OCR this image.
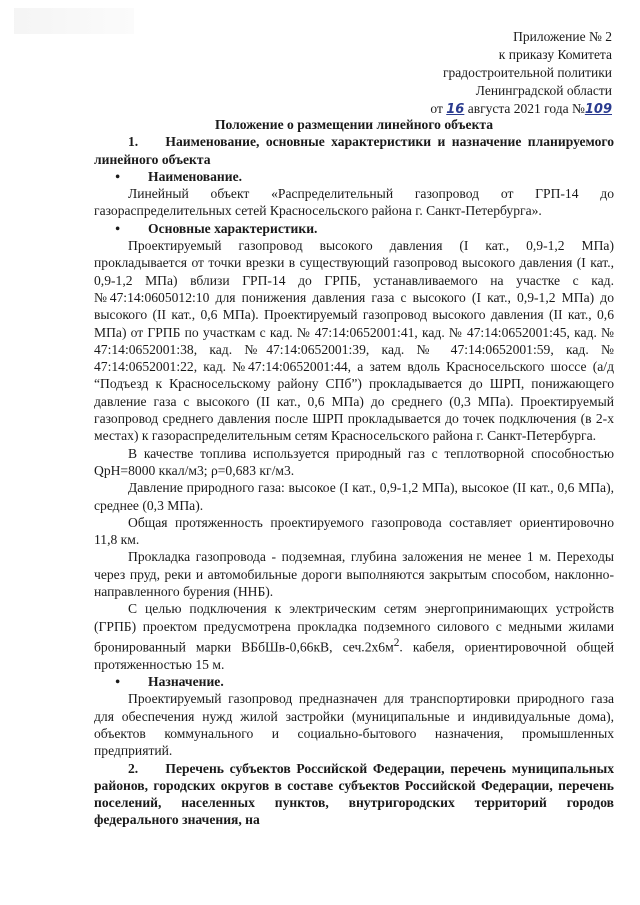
Приложение № 2
к приказу Комитета
градостроительной политики
Ленинградской области
от 16 августа 2021 года №109

Положение о размещении линейного объекта

1.  Наименование, основные характеристики и назначение планируемого линейного объекта

•	Наименование.

Линейный объект «Распределительный газопровод от ГРП-14 до газораспределительных сетей Красносельского района г. Санкт-Петербурга».

•	Основные характеристики.

Проектируемый газопровод высокого давления (I кат., 0,9-1,2 МПа) прокладывается от точки врезки в существующий газопровод высокого давления (I кат., 0,9-1,2 МПа) вблизи ГРП-14 до ГРПБ, устанавливаемого на участке с кад. №47:14:0605012:10 для понижения давления газа с высокого (I кат., 0,9-1,2 МПа) до высокого (II кат., 0,6 МПа). Проектируемый газопровод высокого давления (II кат., 0,6 МПа) от ГРПБ по участкам с кад. № 47:14:0652001:41, кад. № 47:14:0652001:45, кад. № 47:14:0652001:38, кад. №47:14:0652001:39, кад. № 47:14:0652001:59, кад. № 47:14:0652001:22, кад. №47:14:0652001:44, а затем вдоль Красносельского шоссе (а/д “Подъезд к Красносельскому району СПб”) прокладывается до ШРП, понижающего давление газа с высокого (II кат., 0,6 МПа) до среднего (0,3 МПа). Проектируемый газопровод среднего давления после ШРП прокладывается до точек подключения (в 2-х местах) к газораспределительным сетям Красносельского района г. Санкт-Петербурга.

В качестве топлива используется природный газ с теплотворной способностью QpH=8000 ккал/м3; ρ=0,683 кг/м3.

Давление природного газа: высокое (I кат., 0,9-1,2 МПа), высокое (II кат., 0,6 МПа), среднее (0,3 МПа).

Общая протяженность проектируемого газопровода составляет ориентировочно 11,8 км.

Прокладка газопровода - подземная, глубина заложения не менее 1 м. Переходы через пруд, реки и автомобильные дороги выполняются закрытым способом, наклонно-направленного бурения (ННБ).

С целью подключения к электрическим сетям энергопринимающих устройств (ГРПБ) проектом предусмотрена прокладка подземного силового с медными жилами бронированный марки ВБбШв-0,66кВ, $сеч.2х6м^2$. кабеля, ориентировочной общей протяженностью 15 м.

•	Назначение.

Проектируемый газопровод предназначен для транспортировки природного газа для обеспечения нужд жилой застройки (муниципальные и индивидуальные дома), объектов коммунального и социально-бытового назначения, промышленных предприятий.

2.  Перечень субъектов Российской Федерации, перечень муниципальных районов, городских округов в составе субъектов Российской Федерации, перечень поселений, населенных пунктов, внутригородских территорий городов федерального значения, на
